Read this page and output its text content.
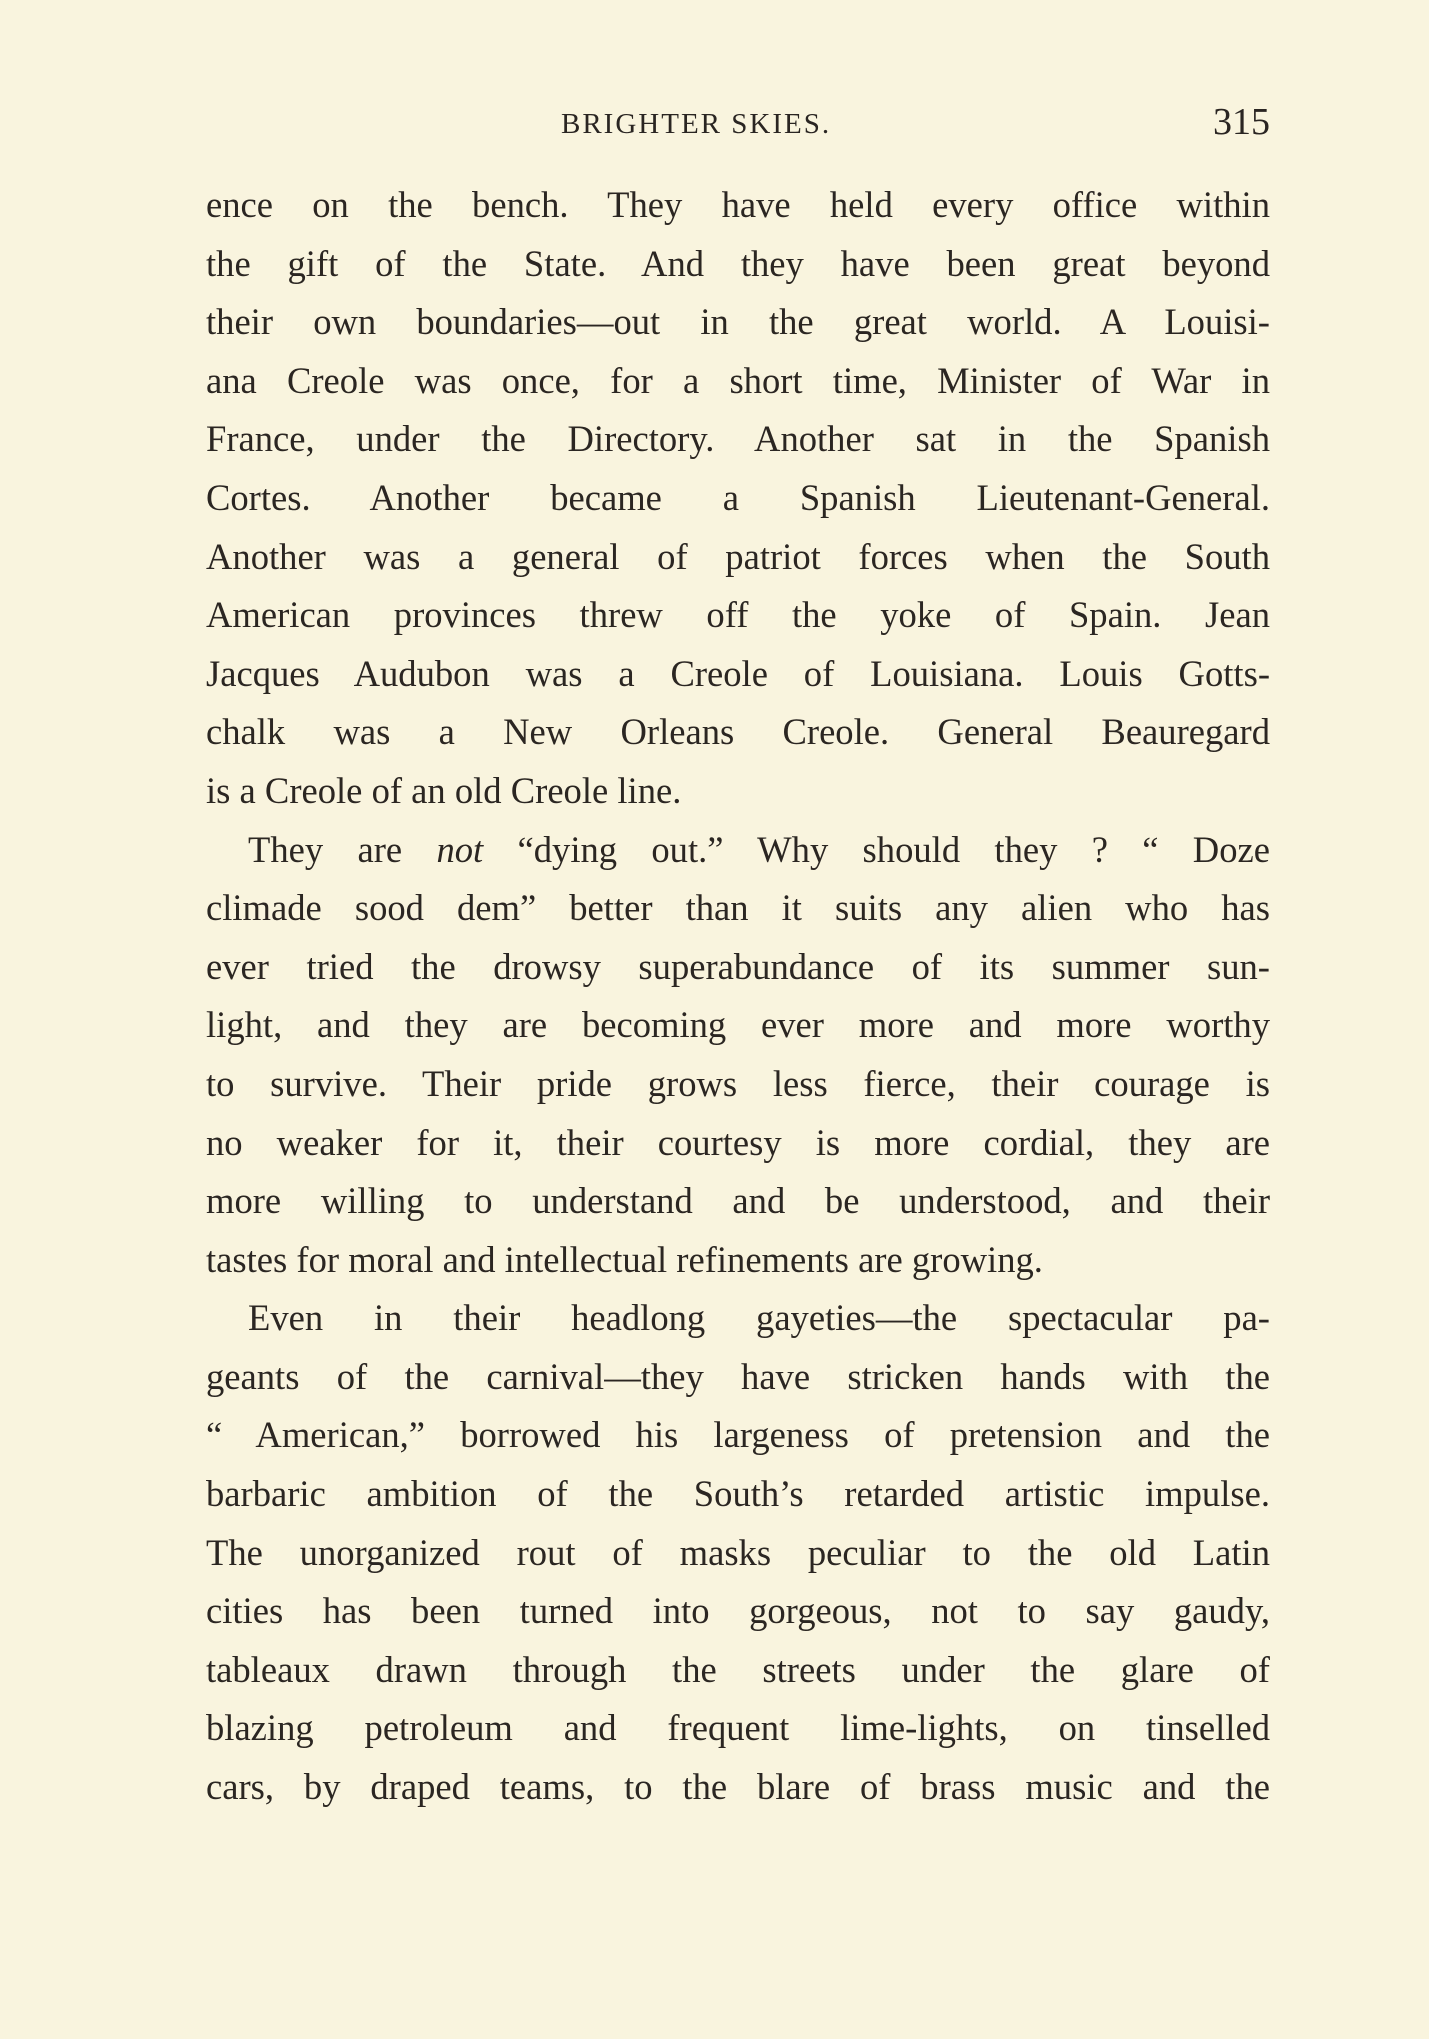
BRIGHTER SKIES.	315
ence on the bench. They have held every office within
the gift of the State. And they have been great beyond
their own boundaries—out in the great world. A Louisi-
ana Creole was once, for a short time, Minister of War in
France, under the Directory. Another sat in the Spanish
Cortes. Another became a Spanish Lieutenant-General.
Another was a general of patriot forces when the South
American provinces threw off the yoke of Spain. Jean
Jacques Audubon was a Creole of Louisiana. Louis Gotts-
chalk was a New Orleans Creole. General Beauregard
is a Creole of an old Creole line.
They are not “dying out.” Why should they ? “ Doze
climade sood dem” better than it suits any alien who has
ever tried the drowsy superabundance of its summer sun-
light, and they are becoming ever more and more worthy
to survive. Their pride grows less fierce, their courage is
no weaker for it, their courtesy is more cordial, they are
more willing to understand and be understood, and their
tastes for moral and intellectual refinements are growing.
Even in their headlong gayeties—the spectacular pa-
geants of the carnival—they have stricken hands with the
“ American,” borrowed his largeness of pretension and the
barbaric ambition of the South’s retarded artistic impulse.
The unorganized rout of masks peculiar to the old Latin
cities has been turned into gorgeous, not to say gaudy,
tableaux drawn through the streets under the glare of
blazing petroleum and frequent lime-lights, on tinselled
cars, by draped teams, to the blare of brass music and the
